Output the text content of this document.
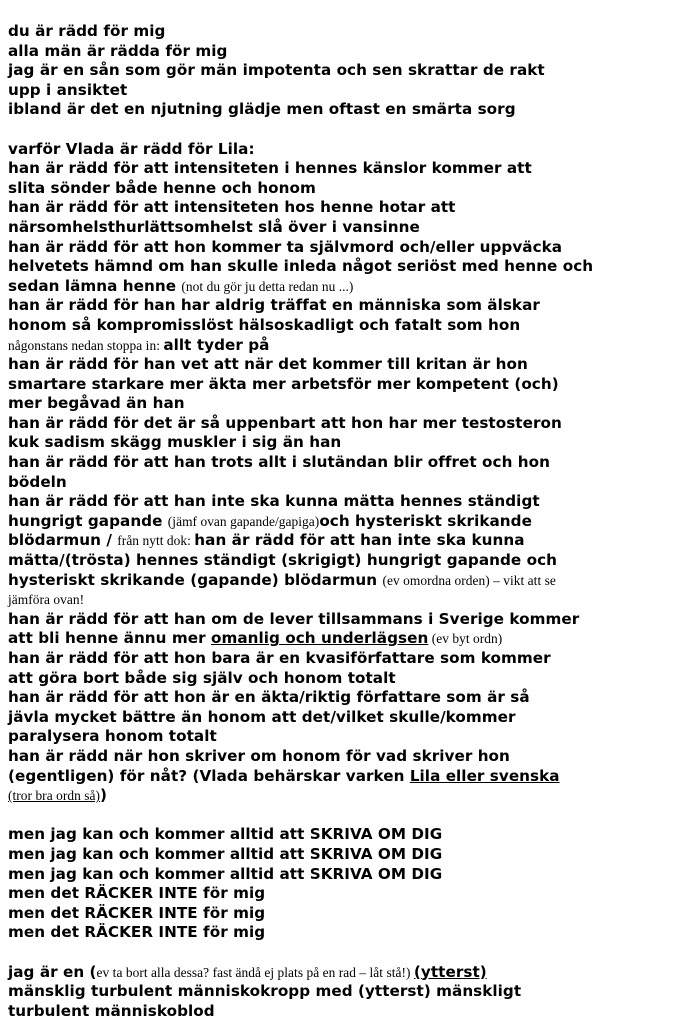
du är rädd för mig
alla män är rädda för mig
jag är en sån som gör män impotenta och sen skrattar de rakt
upp i ansiktet
ibland är det en njutning glädje men oftast en smärta sorg
varför Vlada är rädd för Lila:
han är rädd för att intensiteten i hennes känslor kommer att
slita sönder både henne och honom
han är rädd för att intensiteten hos henne hotar att
närsomhelsthurlättsomhelst slå över i vansinne
han är rädd för att hon kommer ta självmord och/eller uppväcka
helvetets hämnd om han skulle inleda något seriöst med henne och
sedan lämna henne (not du gör ju detta redan nu ...)
han är rädd för han har aldrig träffat en människa som älskar
honom så kompromisslöst hälsoskadligt och fatalt som hon
någonstans nedan stoppa in: allt tyder på
han är rädd för han vet att när det kommer till kritan är hon
smartare starkare mer äkta mer arbetsför mer kompetent (och)
mer begåvad än han
han är rädd för det är så uppenbart att hon har mer testosteron
kuk sadism skägg muskler i sig än han
han är rädd för att han trots allt i slutändan blir offret och hon
bödeln
han är rädd för att han inte ska kunna mätta hennes ständigt
hungrigt gapande (jämf ovan gapande/gapiga)och hysteriskt skrikande
blödarmun / från nytt dok: han är rädd för att han inte ska kunna
mätta/(trösta) hennes ständigt (skrigigt) hungrigt gapande och
hysteriskt skrikande (gapande) blödarmun (ev omordna orden) – vikt att se
jämföra ovan!
han är rädd för att han om de lever tillsammans i Sverige kommer
att bli henne ännu mer omanlig och underlägsen (ev byt ordn)
han är rädd för att hon bara är en kvasiförfattare som kommer
att göra bort både sig själv och honom totalt
han är rädd för att hon är en äkta/riktig författare som är så
jävla mycket bättre än honom att det/vilket skulle/kommer
paralysera honom totalt
han är rädd när hon skriver om honom för vad skriver hon
(egentligen) för nåt? (Vlada behärskar varken Lila eller svenska
(tror bra ordn så))
men jag kan och kommer alltid att SKRIVA OM DIG
men jag kan och kommer alltid att SKRIVA OM DIG
men jag kan och kommer alltid att SKRIVA OM DIG
men det RÄCKER INTE för mig
men det RÄCKER INTE för mig
men det RÄCKER INTE för mig
jag är en (ev ta bort alla dessa? fast ändå ej plats på en rad – låt stå!) (ytterst)
mänsklig turbulent människokropp med (ytterst) mänskligt
turbulent människoblod
